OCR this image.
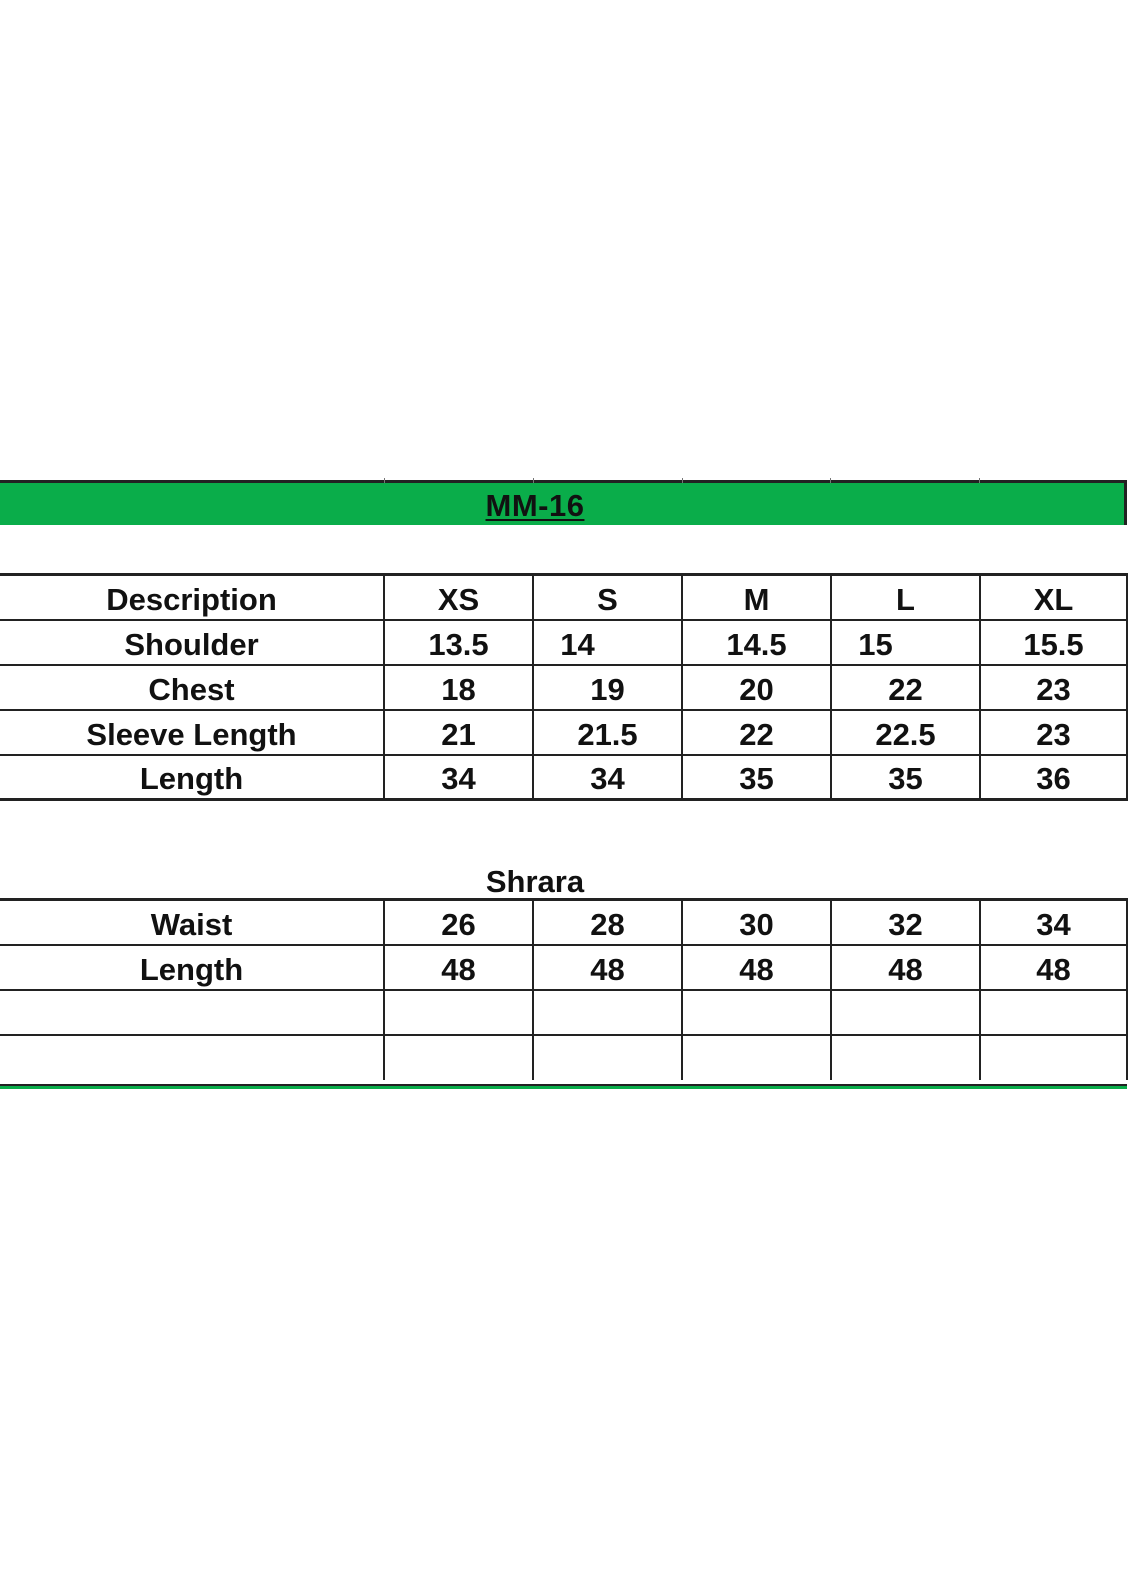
MM-16
Description	XS	S	M	L	XL
Shoulder	13.5	14	14.5	15	15.5
Chest	18	19	20	22	23
Sleeve Length	21	21.5	22	22.5	23
Length	34	34	35	35	36
Shrara
Waist	26	28	30	32	34
Length	48	48	48	48	48
